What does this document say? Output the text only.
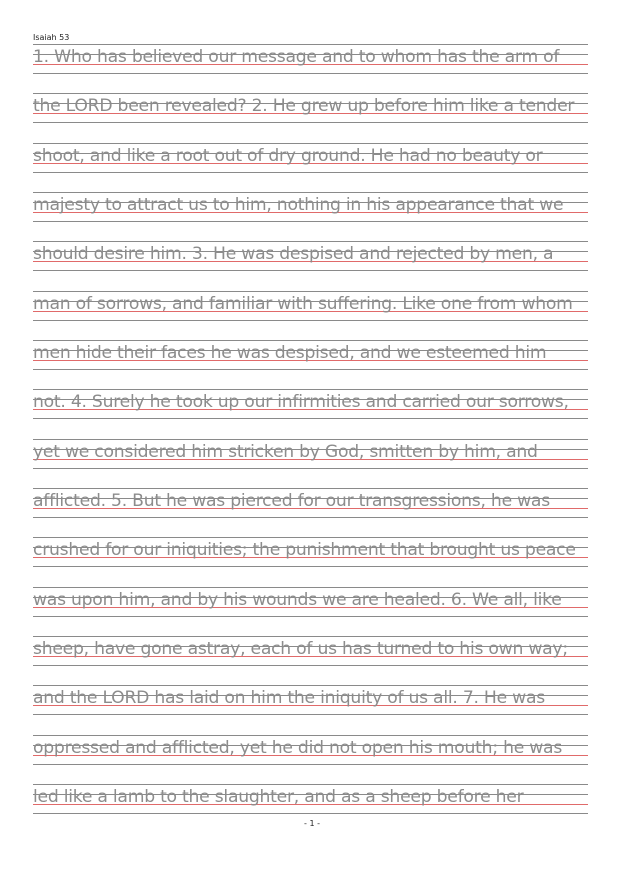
Isaiah 53
1. Who has believed our message and to whom has the arm of
the LORD been revealed? 2. He grew up before him like a tender
shoot, and like a root out of dry ground. He had no beauty or
majesty to attract us to him, nothing in his appearance that we
should desire him. 3. He was despised and rejected by men, a
man of sorrows, and familiar with suffering. Like one from whom
men hide their faces he was despised, and we esteemed him
not. 4. Surely he took up our infirmities and carried our sorrows,
yet we considered him stricken by God, smitten by him, and
afflicted. 5. But he was pierced for our transgressions, he was
crushed for our iniquities; the punishment that brought us peace
was upon him, and by his wounds we are healed. 6. We all, like
sheep, have gone astray, each of us has turned to his own way;
and the LORD has laid on him the iniquity of us all. 7. He was
oppressed and afflicted, yet he did not open his mouth; he was
led like a lamb to the slaughter, and as a sheep before her
- 1 -
